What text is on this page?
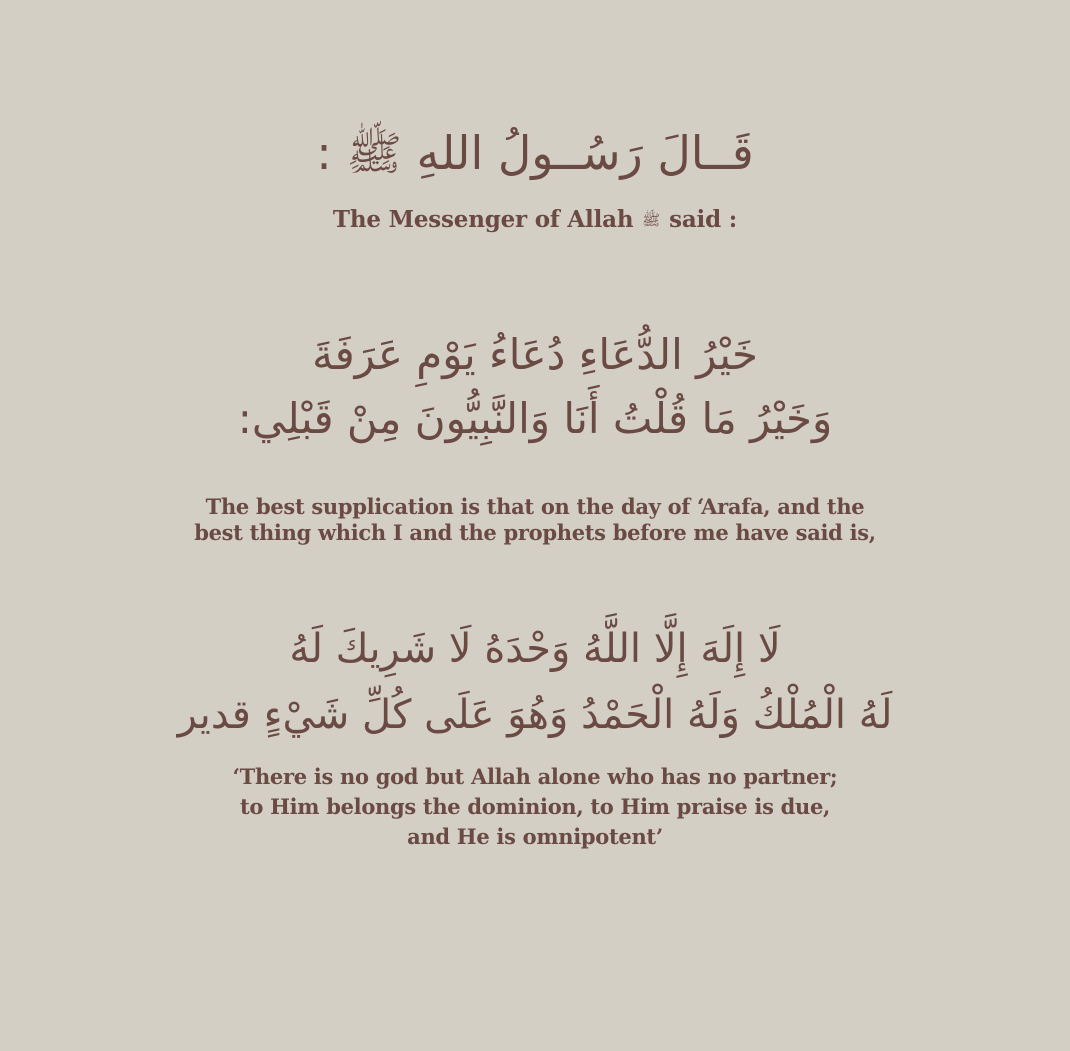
قَــالَ رَسُــولُ اللهِ ﷺ :
The Messenger of Allah ﷺ said :
خَيْرُ الدُّعَاءِ دُعَاءُ يَوْمِ عَرَفَةَ
وَخَيْرُ مَا قُلْتُ أَنَا وَالنَّبِيُّونَ مِنْ قَبْلِي:
The best supplication is that on the day of ‘Arafa, and the
best thing which I and the prophets before me have said is,
لَا إِلَهَ إِلَّا اللَّهُ وَحْدَهُ لَا شَرِيكَ لَهُ
لَهُ الْمُلْكُ وَلَهُ الْحَمْدُ وَهُوَ عَلَى كُلِّ شَيْءٍ قدير
‘There is no god but Allah alone who has no partner;
to Him belongs the dominion, to Him praise is due,
and He is omnipotent’
